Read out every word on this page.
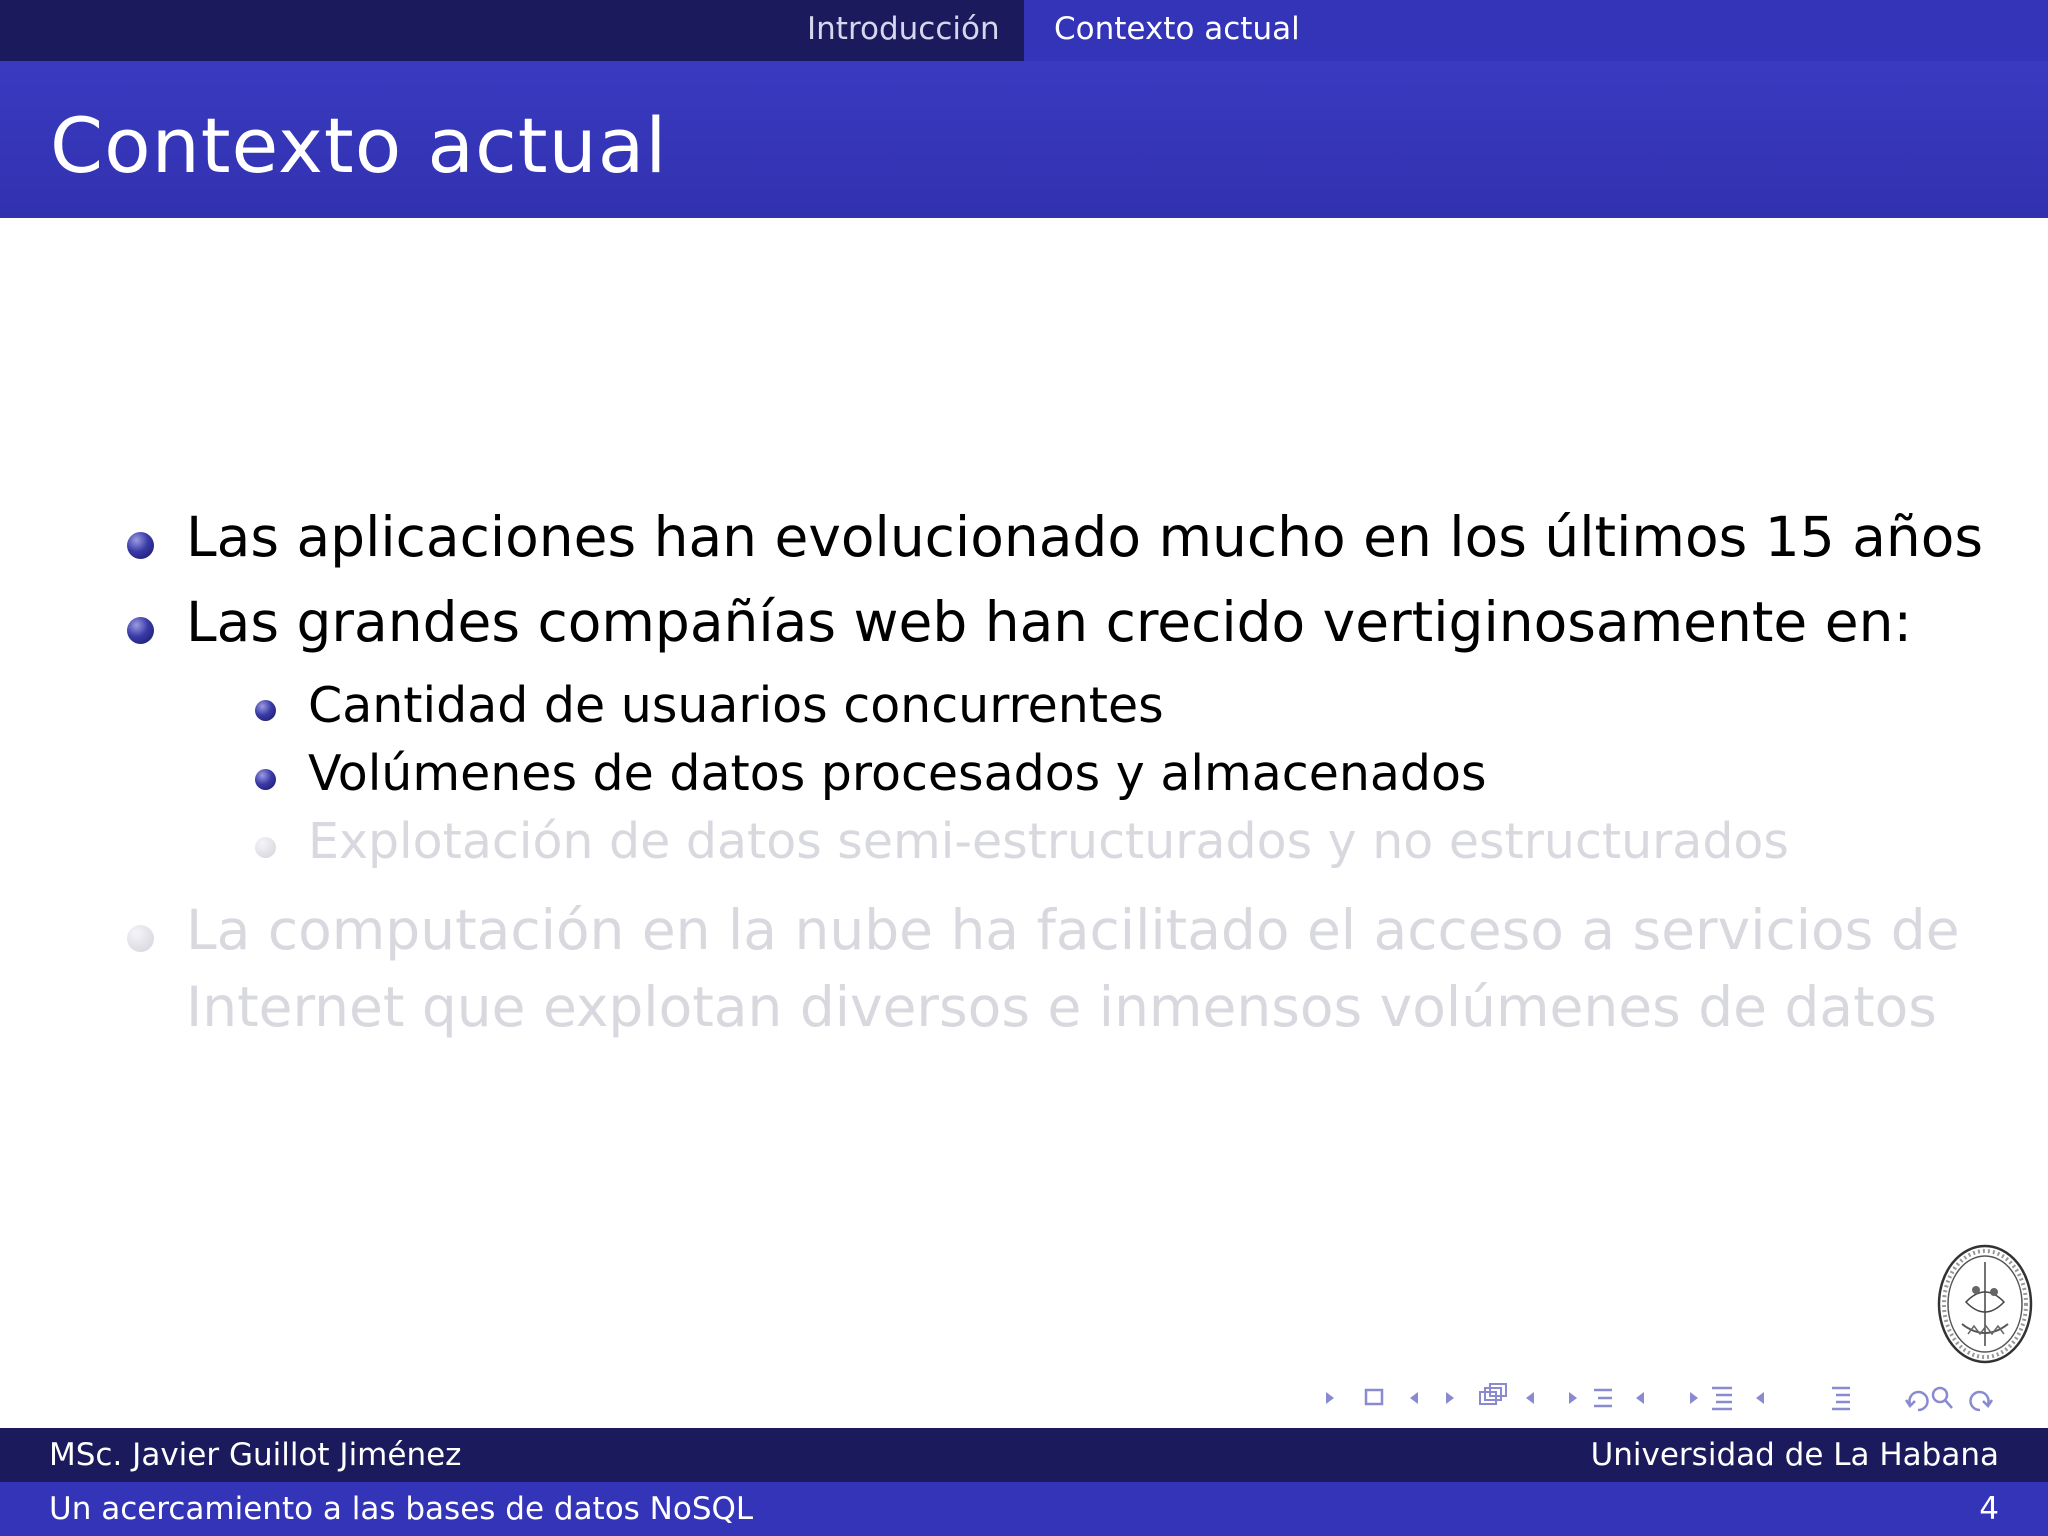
Introducción	Contexto actual
Contexto actual
Las aplicaciones han evolucionado mucho en los últimos 15 años
Las grandes compañías web han crecido vertiginosamente en:
Cantidad de usuarios concurrentes
Volúmenes de datos procesados y almacenados
Explotación de datos semi-estructurados y no estructurados
La computación en la nube ha facilitado el acceso a servicios de
Internet que explotan diversos e inmensos volúmenes de datos
MSc. Javier Guillot Jiménez	Universidad de La Habana
Un acercamiento a las bases de datos NoSQL	4
